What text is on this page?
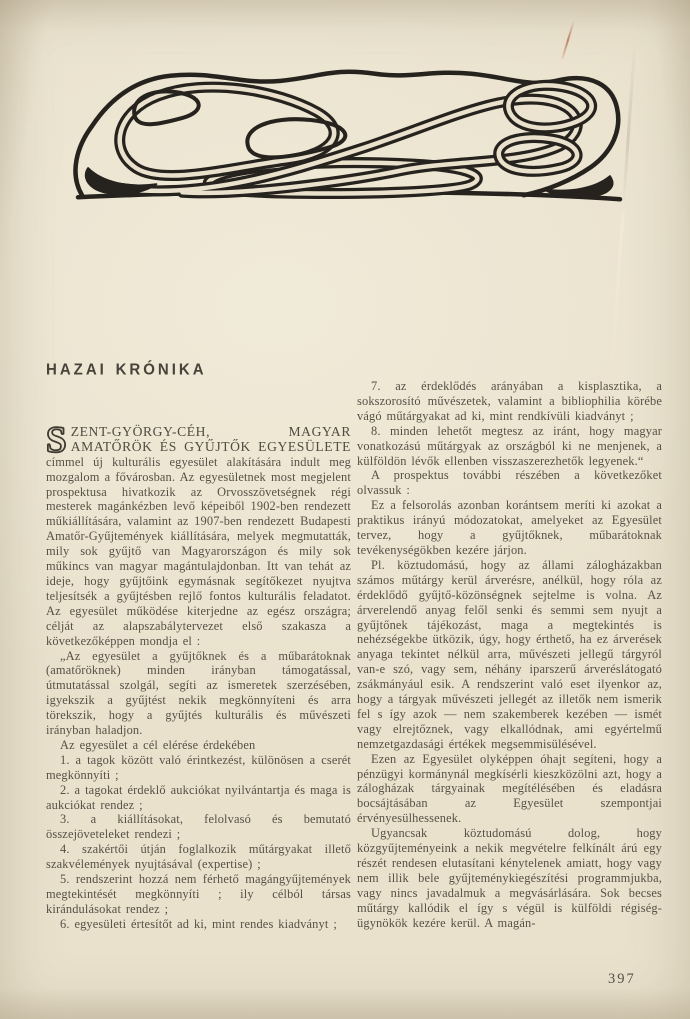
HAZAI KRÓNIKA

SZENT-GYÖRGY-CÉH, MAGYAR AMATŐRÖK ÉS GYŰJTŐK EGYESÜLETE címmel új kulturális egyesület alakítására indult meg mozgalom a fővárosban. Az egyesületnek most megjelent prospektusa hivatkozik az Orvosszövetségnek régi mesterek magánkézben levő képeiből 1902-ben rendezett műkiállítására, valamint az 1907-ben rendezett Budapesti Amatőr-Gyűjtemények kiállítására, melyek megmutatták, mily sok gyűjtő van Magyarországon és mily sok műkincs van magyar magántulajdonban. Itt van tehát az ideje, hogy gyűjtőink egymásnak segítőkezet nyujtva teljesítsék a gyűjtésben rejlő fontos kulturális feladatot. Az egyesület működése kiterjedne az egész országra; célját az alapszabálytervezet első szakasza a következőképpen mondja el :

„Az egyesület a gyűjtőknek és a műbarátoknak (amatőröknek) minden irányban támogatással, útmutatással szolgál, segíti az ismeretek szerzésében, igyekszik a gyűjtést nekik megkönnyíteni és arra törekszik, hogy a gyűjtés kulturális és művészeti irányban haladjon.

Az egyesület a cél elérése érdekében

1. a tagok között való érintkezést, különösen a cserét megkönnyíti ;

2. a tagokat érdeklő aukciókat nyilvántartja és maga is aukciókat rendez ;

3. a kiállításokat, felolvasó és bemutató összejöveteleket rendezi ;

4. szakértői útján foglalkozik műtárgyakat illető szakvélemények nyujtásával (expertise) ;

5. rendszerint hozzá nem férhető magángyűjtemények megtekintését megkönnyíti ; ily célból társas kirándulásokat rendez ;

6. egyesületi értesítőt ad ki, mint rendes kiadványt ;

7. az érdeklődés arányában a kisplasztika, a sokszorosító művészetek, valamint a bibliophilia körébe vágó műtárgyakat ad ki, mint rendkívüli kiadványt ;

8. minden lehetőt megtesz az iránt, hogy magyar vonatkozású műtárgyak az országból ki ne menjenek, a külföldön lévők ellenben visszaszerezhetők legyenek.“

A prospektus további részében a következőket olvassuk :

Ez a felsorolás azonban korántsem meríti ki azokat a praktikus irányú módozatokat, amelyeket az Egyesület tervez, hogy a gyűjtőknek, műbarátoknak tevékenységökben kezére járjon.

Pl. köztudomású, hogy az állami zálogházakban számos műtárgy kerül árverésre, anélkül, hogy róla az érdeklődő gyűjtő-közönségnek sejtelme is volna. Az árverelendő anyag felől senki és semmi sem nyujt a gyűjtőnek tájékozást, maga a megtekintés is nehézségekbe ütközik, úgy, hogy érthető, ha ez árverések anyaga tekintet nélkül arra, művészeti jellegű tárgyról van-e szó, vagy sem, néhány iparszerű árveréslátogató zsákmányául esik. A rendszerint való eset ilyenkor az, hogy a tárgyak művészeti jellegét az illetők nem ismerik fel s így azok — nem szakemberek kezében — ismét vagy elrejtőznek, vagy elkallódnak, ami egyértelmű nemzetgazdasági értékek megsemmisülésével.

Ezen az Egyesület olyképpen óhajt segíteni, hogy a pénzügyi kormánynál megkísérli kieszközölni azt, hogy a zálogházak tárgyainak megítélésében és eladásra bocsájtásában az Egyesület szempontjai érvényesülhessenek.

Ugyancsak köztudomású dolog, hogy közgyűjteményeink a nekik megvételre felkínált árú egy részét rendesen elutasítani kénytelenek amiatt, hogy vagy nem illik bele gyűjteménykiegészítési programmjukba, vagy nincs javadalmuk a megvásárlására. Sok becses műtárgy kallódik el így s végül is külföldi régiség-ügynökök kezére kerül. A magán-

397
